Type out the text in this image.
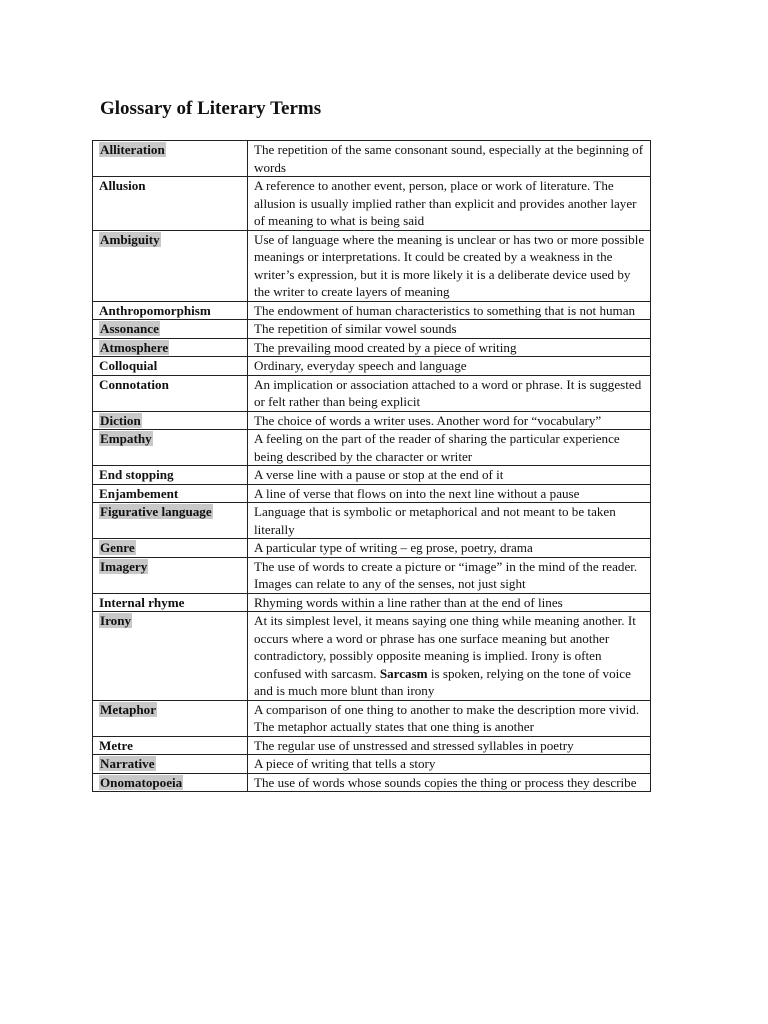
Glossary of Literary Terms
Alliteration	The repetition of the same consonant sound, especially at the beginning of words
Allusion	A reference to another event, person, place or work of literature. The allusion is usually implied rather than explicit and provides another layer of meaning to what is being said
Ambiguity	Use of language where the meaning is unclear or has two or more possible meanings or interpretations. It could be created by a weakness in the writer’s expression, but it is more likely it is a deliberate device used by the writer to create layers of meaning
Anthropomorphism	The endowment of human characteristics to something that is not human
Assonance	The repetition of similar vowel sounds
Atmosphere	The prevailing mood created by a piece of writing
Colloquial	Ordinary, everyday speech and language
Connotation	An implication or association attached to a word or phrase. It is suggested or felt rather than being explicit
Diction	The choice of words a writer uses. Another word for “vocabulary”
Empathy	A feeling on the part of the reader of sharing the particular experience being described by the character or writer
End stopping	A verse line with a pause or stop at the end of it
Enjambement	A line of verse that flows on into the next line without a pause
Figurative language	Language that is symbolic or metaphorical and not meant to be taken literally
Genre	A particular type of writing – eg prose, poetry, drama
Imagery	The use of words to create a picture or “image” in the mind of the reader. Images can relate to any of the senses, not just sight
Internal rhyme	Rhyming words within a line rather than at the end of lines
Irony	At its simplest level, it means saying one thing while meaning another. It occurs where a word or phrase has one surface meaning but another contradictory, possibly opposite meaning is implied. Irony is often confused with sarcasm. Sarcasm is spoken, relying on the tone of voice and is much more blunt than irony
Metaphor	A comparison of one thing to another to make the description more vivid. The metaphor actually states that one thing is another
Metre	The regular use of unstressed and stressed syllables in poetry
Narrative	A piece of writing that tells a story
Onomatopoeia	The use of words whose sounds copies the thing or process they describe
